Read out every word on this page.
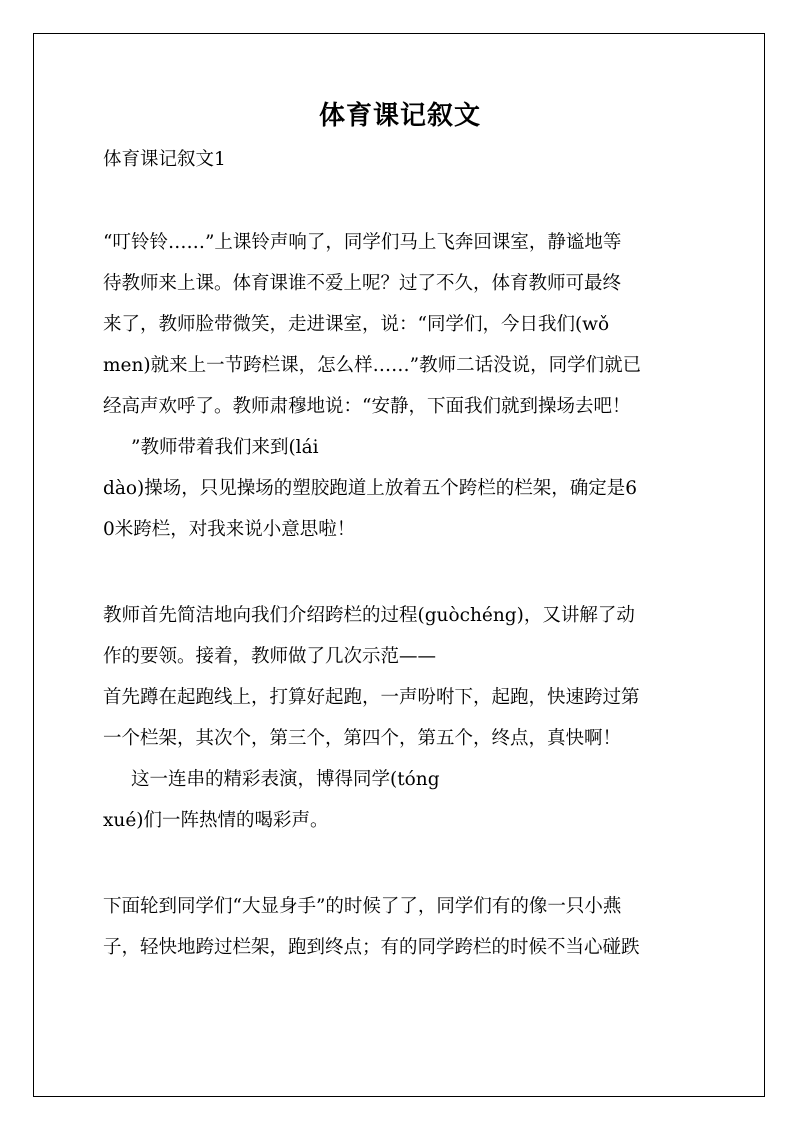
体育课记叙文
体育课记叙文1
“叮铃铃……”上课铃声响了，同学们马上飞奔回课室，静谧地等
待教师来上课。体育课谁不爱上呢？过了不久，体育教师可最终
来了，教师脸带微笑，走进课室，说：“同学们，今日我们(wǒ
men)就来上一节跨栏课，怎么样……”教师二话没说，同学们就已
经高声欢呼了。教师肃穆地说：“安静，下面我们就到操场去吧！
”教师带着我们来到(lái
dào)操场，只见操场的塑胶跑道上放着五个跨栏的栏架，确定是6
0米跨栏，对我来说小意思啦！
教师首先简洁地向我们介绍跨栏的过程(guòchéng)，又讲解了动
作的要领。接着，教师做了几次示范——
首先蹲在起跑线上，打算好起跑，一声吩咐下，起跑，快速跨过第
一个栏架，其次个，第三个，第四个，第五个，终点，真快啊！
这一连串的精彩表演，博得同学(tóng
xué)们一阵热情的喝彩声。
下面轮到同学们“大显身手”的时候了了，同学们有的像一只小燕
子，轻快地跨过栏架，跑到终点；有的同学跨栏的时候不当心碰跌
